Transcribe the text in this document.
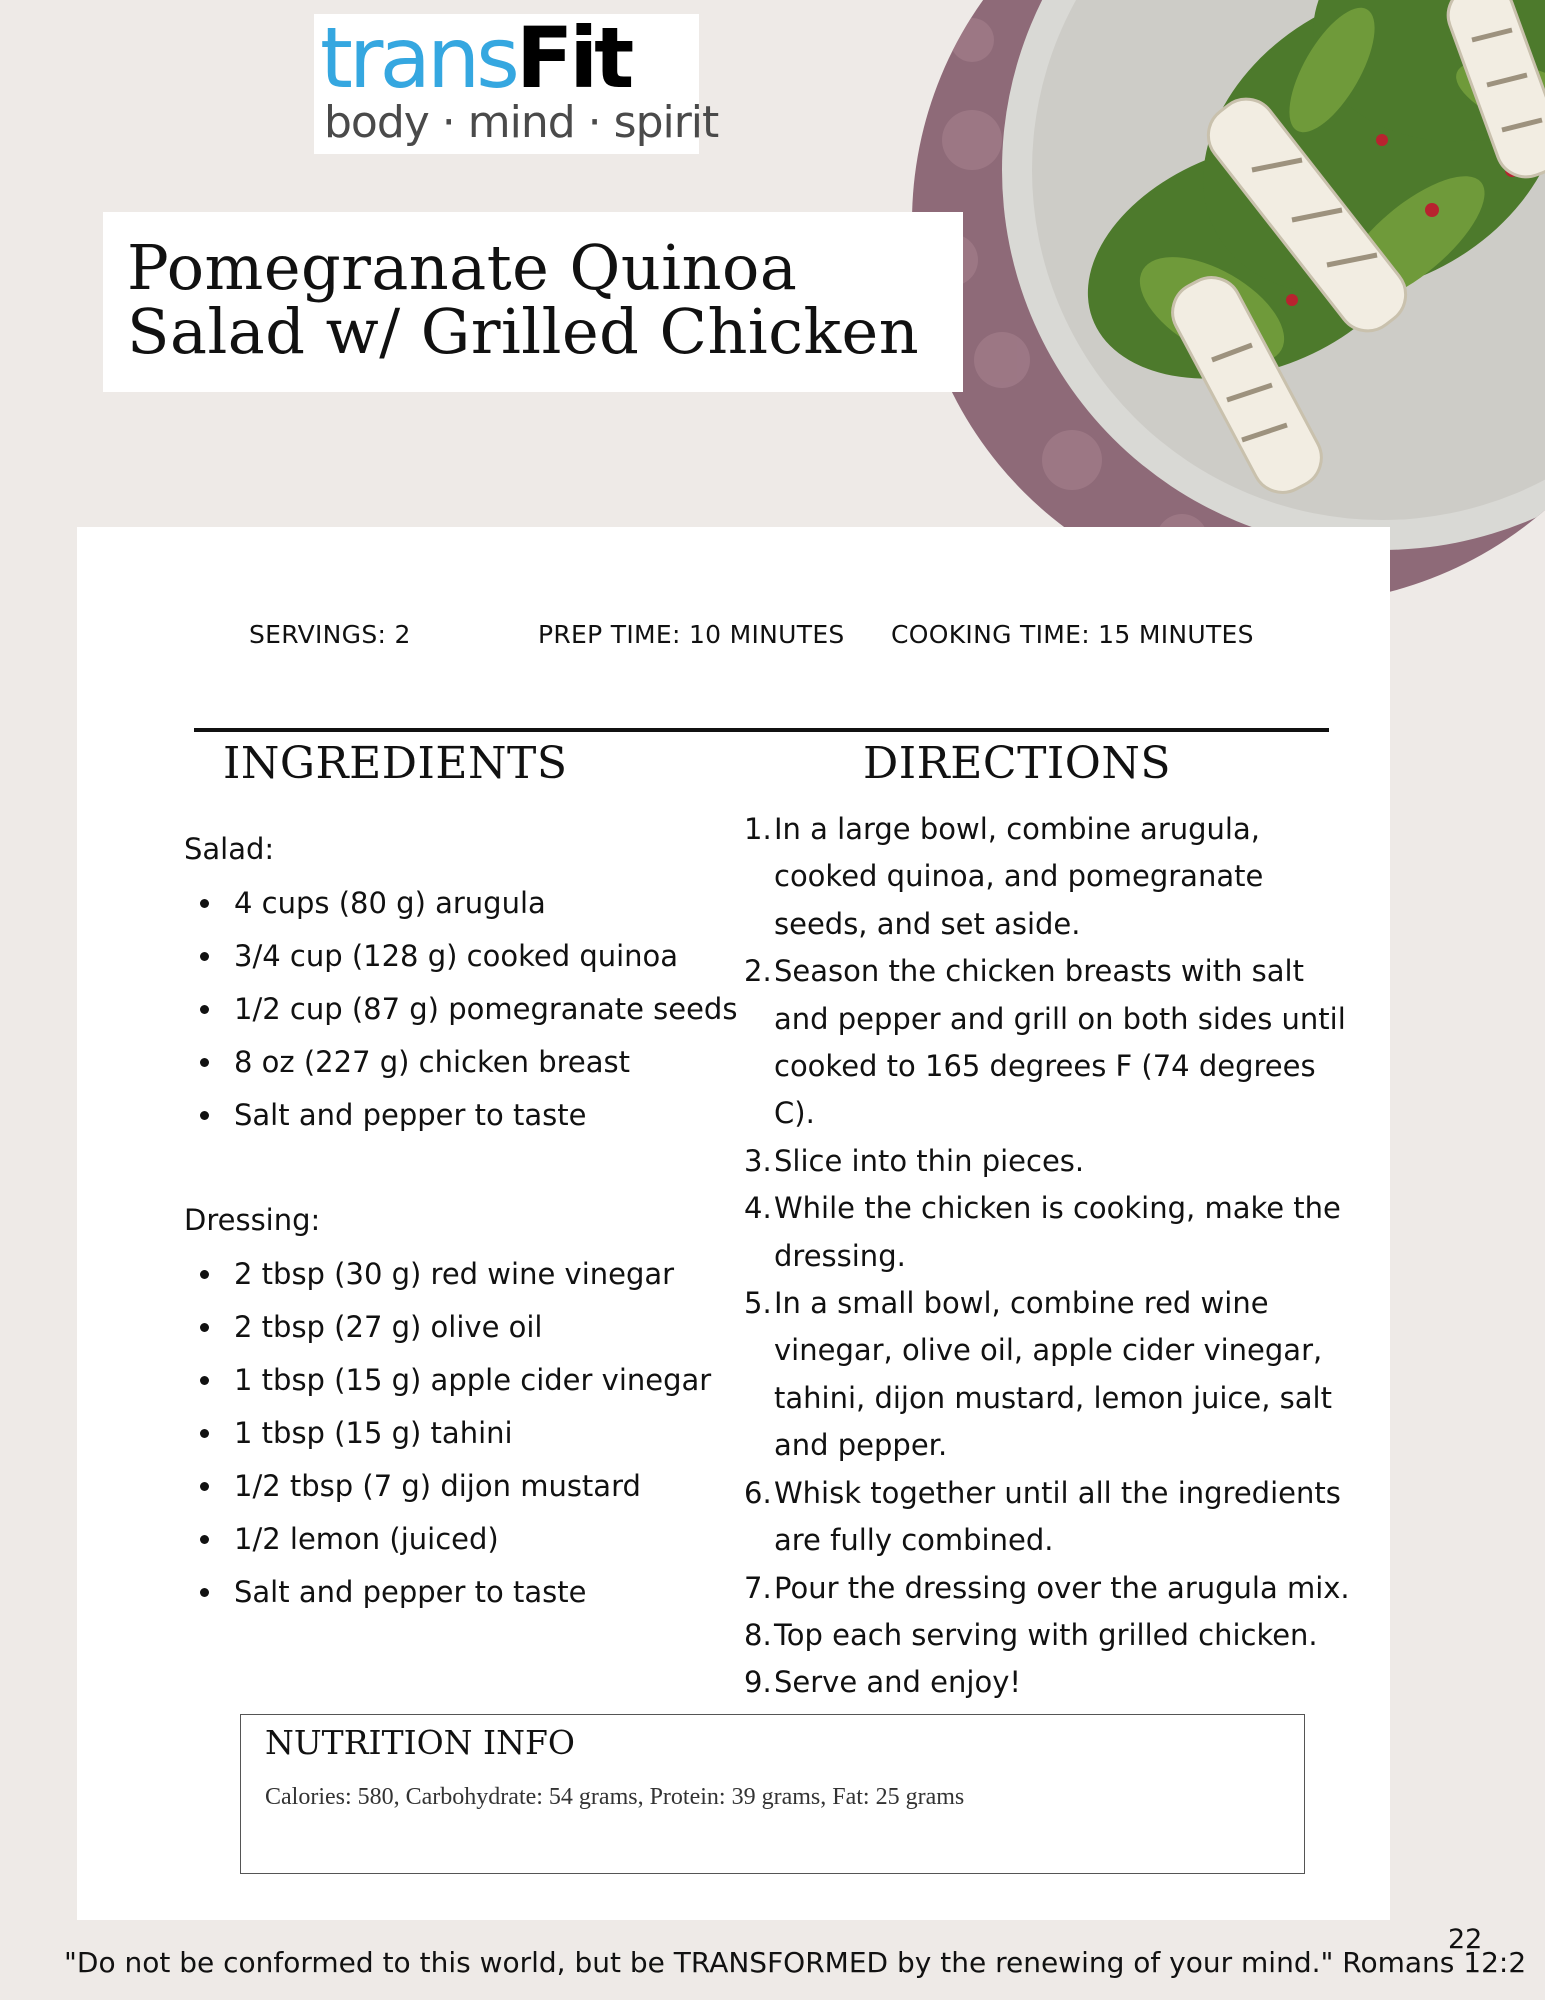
transFit
body · mind · spirit
Pomegranate Quinoa
Salad w/ Grilled Chicken
SERVINGS: 2	PREP TIME: 10 MINUTES COOKING TIME: 15 MINUTES
INGREDIENTS	DIRECTIONS
Salad:
4 cups (80 g) arugula
3/4 cup (128 g) cooked quinoa
1/2 cup (87 g) pomegranate seeds
8 oz (227 g) chicken breast
Salt and pepper to taste
Dressing:
2 tbsp (30 g) red wine vinegar
2 tbsp (27 g) olive oil
1 tbsp (15 g) apple cider vinegar
1 tbsp (15 g) tahini
1/2 tbsp (7 g) dijon mustard
1/2 lemon (juiced)
Salt and pepper to taste
1. In a large bowl, combine arugula, cooked quinoa, and pomegranate seeds, and set aside.
2. Season the chicken breasts with salt and pepper and grill on both sides until cooked to 165 degrees F (74 degrees C).
3. Slice into thin pieces.
4. While the chicken is cooking, make the dressing.
5. In a small bowl, combine red wine vinegar, olive oil, apple cider vinegar, tahini, dijon mustard, lemon juice, salt and pepper.
6. Whisk together until all the ingredients are fully combined.
7. Pour the dressing over the arugula mix.
8. Top each serving with grilled chicken.
9. Serve and enjoy!
NUTRITION INFO
Calories: 580, Carbohydrate: 54 grams, Protein: 39 grams, Fat: 25 grams
22
"Do not be conformed to this world, but be TRANSFORMED by the renewing of your mind." Romans 12:2
